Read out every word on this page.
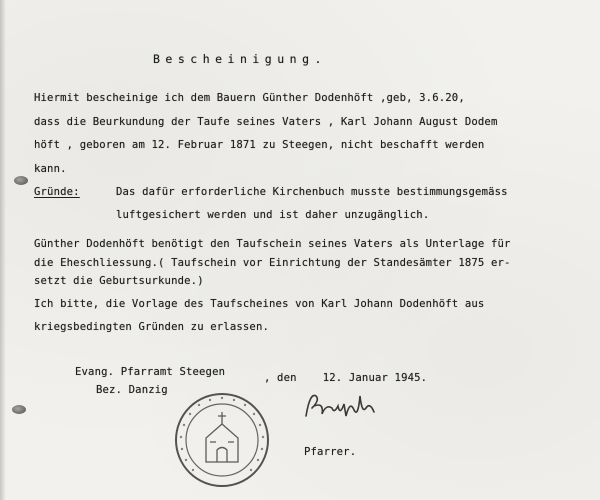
Bescheinigung.
Hiermit bescheinige ich dem Bauern Günther Dodenhöft ,geb, 3.6.20,
dass die Beurkundung der Taufe seines Vaters , Karl Johann August Dodem
höft , geboren am 12. Februar 1871 zu Steegen, nicht beschafft werden
kann.
Gründe:	Das dafür erforderliche Kirchenbuch musste bestimmungsgemäss
luftgesichert werden und ist daher unzugänglich.
Günther Dodenhöft benötigt den Taufschein seines Vaters als Unterlage für
die Eheschliessung.( Taufschein vor Einrichtung der Standesämter 1875 er-
setzt die Geburtsurkunde.)
Ich bitte, die Vorlage des Taufscheines von Karl Johann Dodenhöft aus
kriegsbedingten Gründen zu erlassen.
Evang. Pfarramt Steegen	, den    12. Januar 1945.
Bez. Danzig
Pfarrer.
